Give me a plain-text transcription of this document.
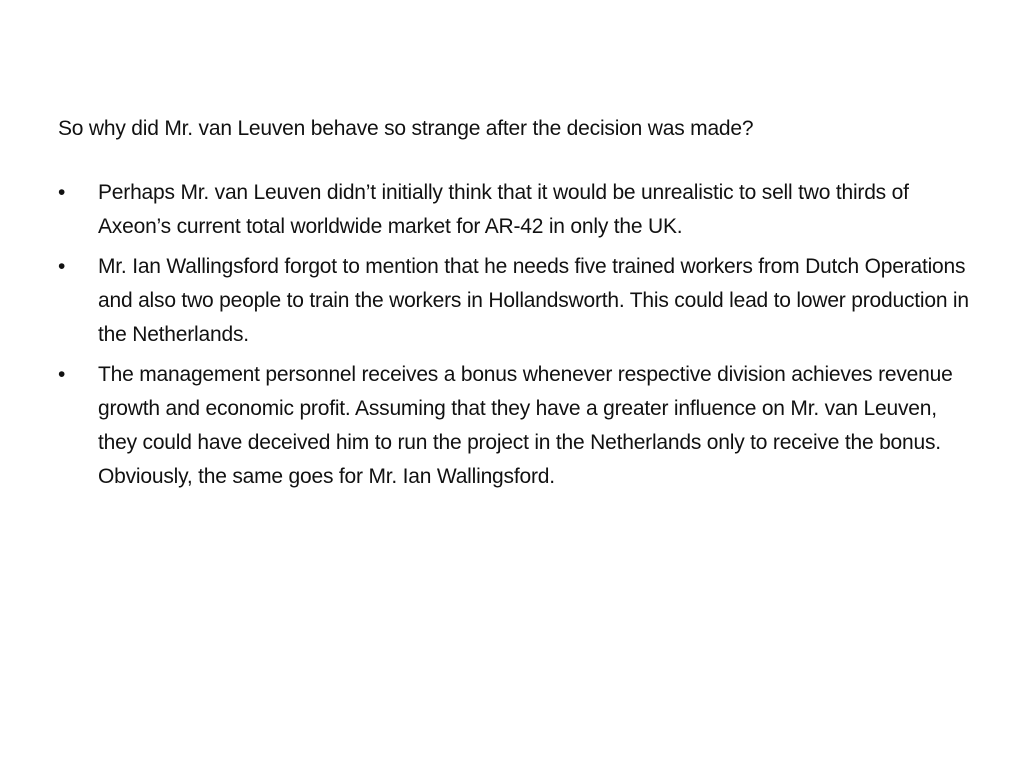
So why did Mr. van Leuven behave so strange after the decision was made?

•	Perhaps Mr. van Leuven didn’t initially think that it would be unrealistic to sell two thirds of Axeon’s current total worldwide market for AR-42 in only the UK.
•	Mr. Ian Wallingsford forgot to mention that he needs five trained workers from Dutch Operations and also two people to train the workers in Hollandsworth. This could lead to lower production in the Netherlands.
•	The management personnel receives a bonus whenever respective division achieves revenue growth and economic profit. Assuming that they have a greater influence on Mr. van Leuven, they could have deceived him to run the project in the Netherlands only to receive the bonus. Obviously, the same goes for Mr. Ian Wallingsford.
